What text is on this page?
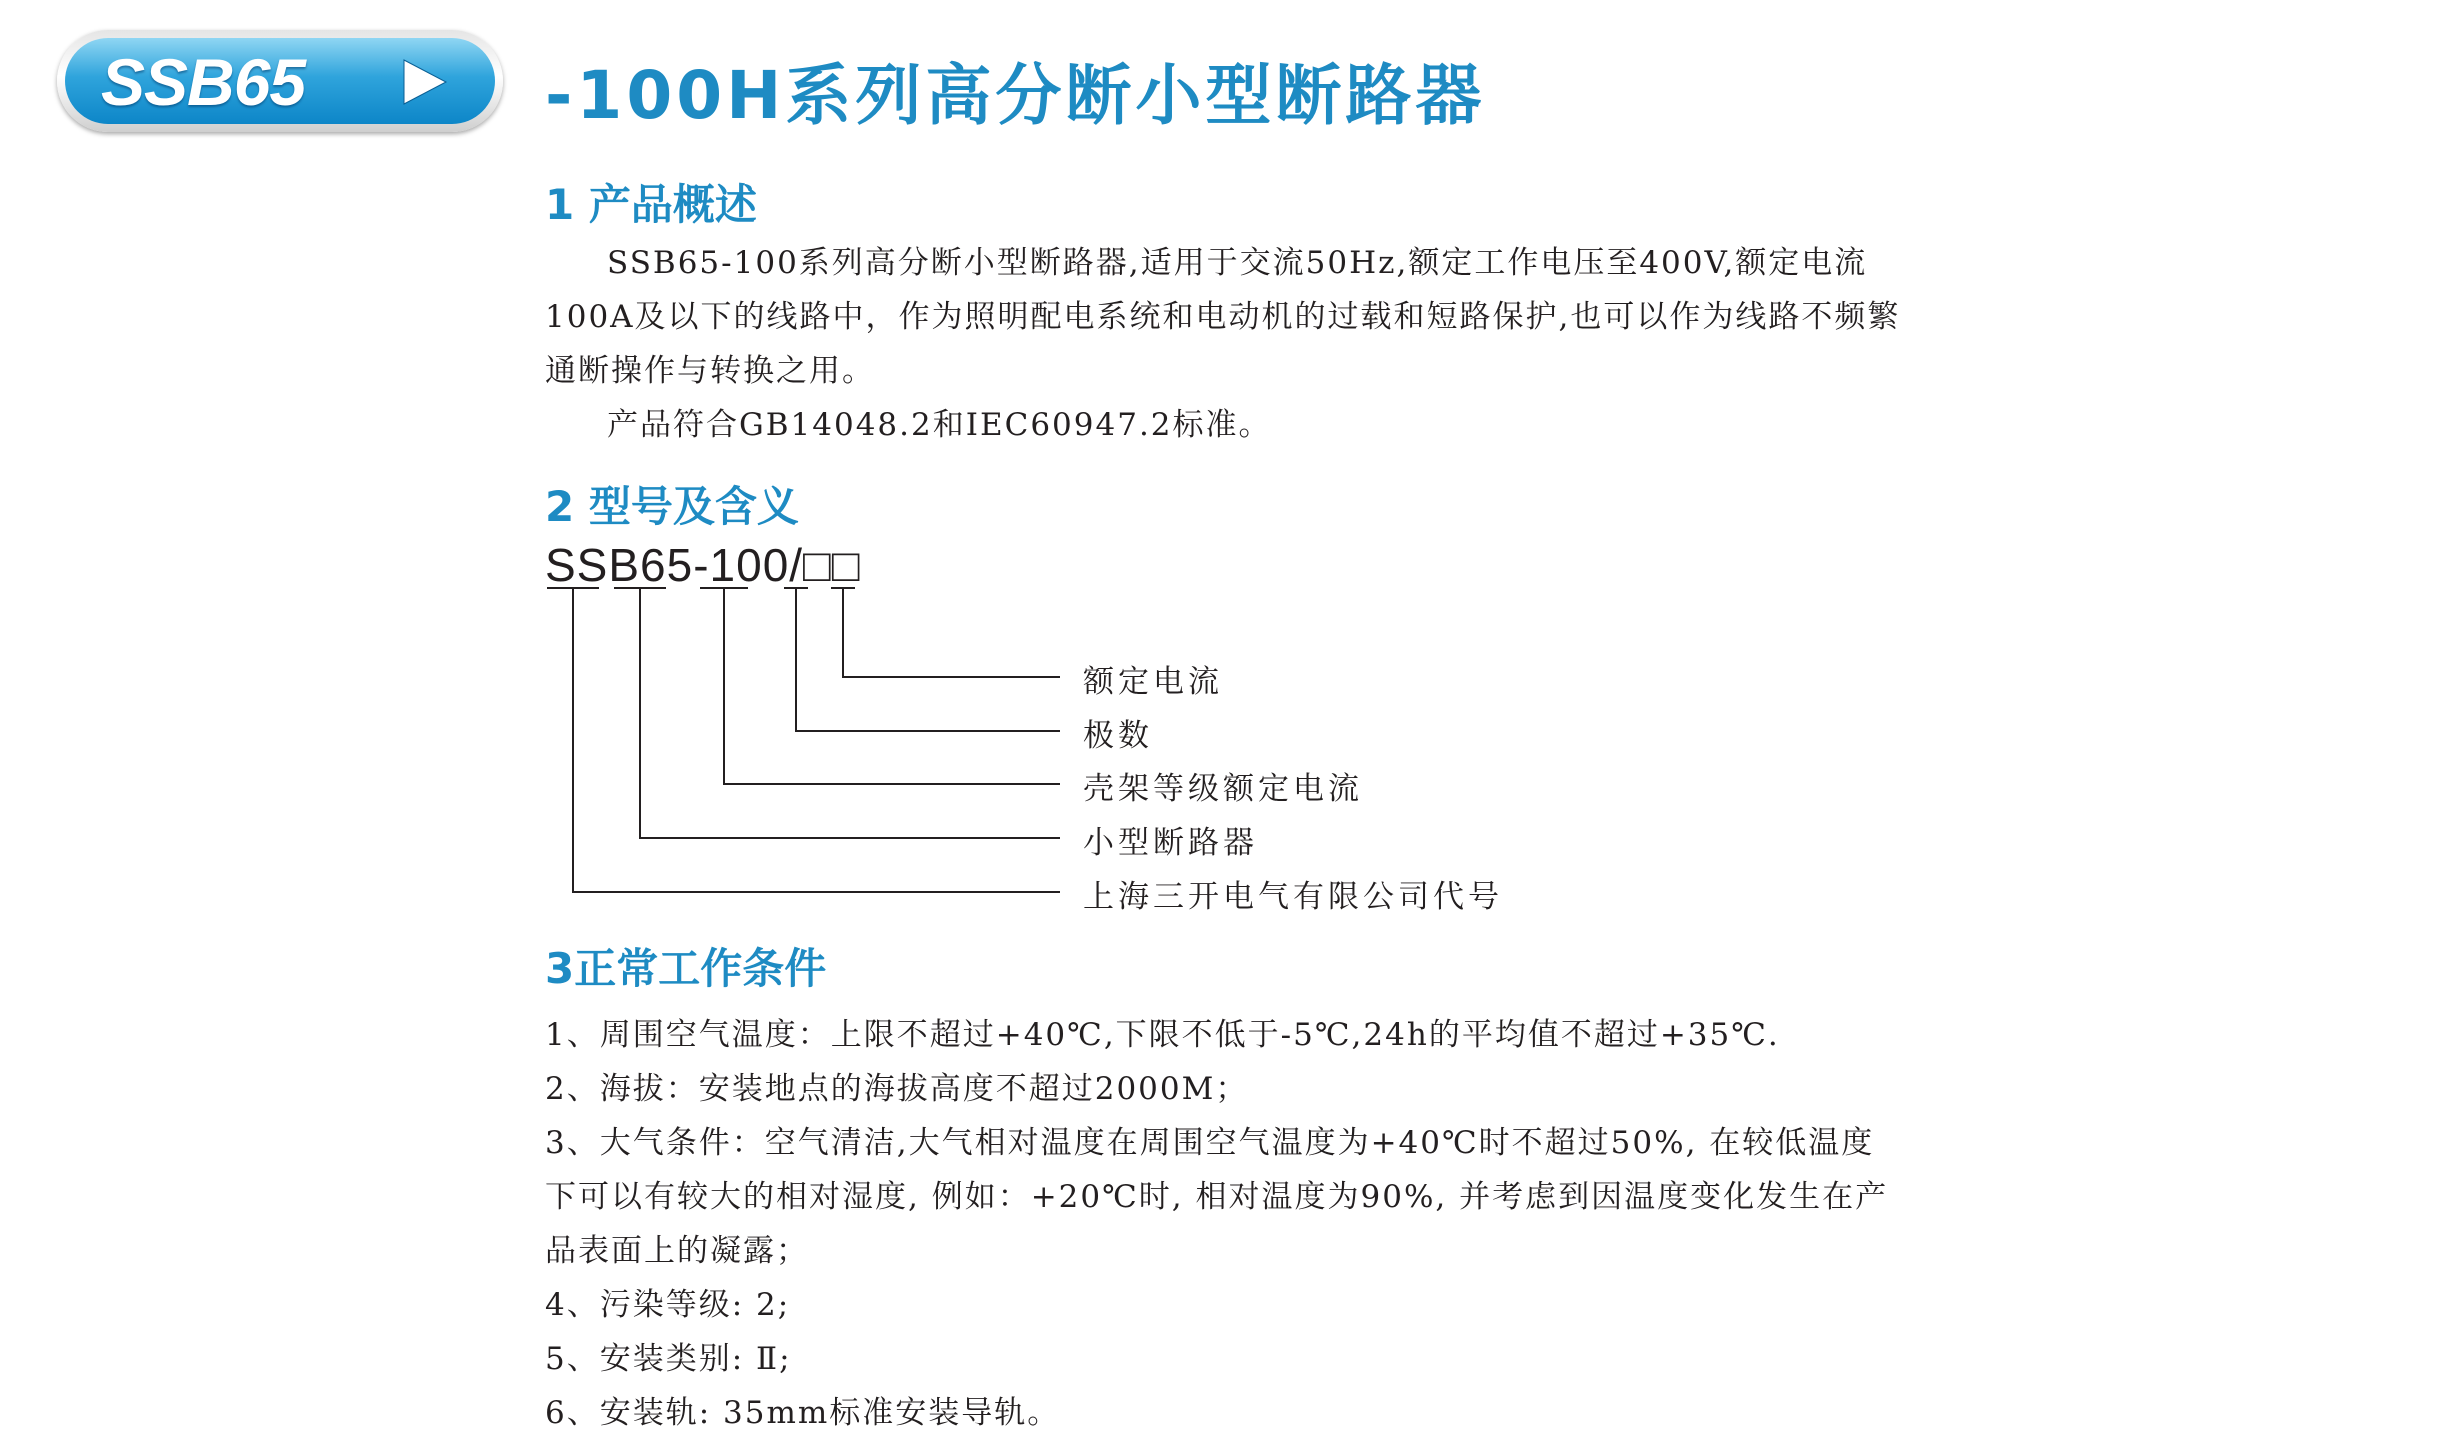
SSB65	-100H系列高分断小型断路器
1 产品概述

SSB65-100系列高分断小型断路器,适用于交流50Hz,额定工作电压至400V,额定电流100A及以下的线路中，作为照明配电系统和电动机的过载和短路保护,也可以作为线路不频繁通断操作与转换之用。

产品符合GB14048.2和IEC60947.2标准。

2 型号及含义
SSB65-100/□□
额定电流
极数
壳架等级额定电流
小型断路器
上海三开电气有限公司代号
3正常工作条件

1、周围空气温度：上限不超过+40℃,下限不低于-5℃,24h的平均值不超过+35℃.

2、海拔：安装地点的海拔高度不超过2000M；

3、大气条件：空气清洁,大气相对温度在周围空气温度为+40℃时不超过50%, 在较低温度下可以有较大的相对湿度, 例如：+20℃时, 相对温度为90%, 并考虑到因温度变化发生在产品表面上的凝露；

4、污染等级: 2;

5、安装类别: Ⅱ;

6、安装轨: 35mm标准安装导轨。
